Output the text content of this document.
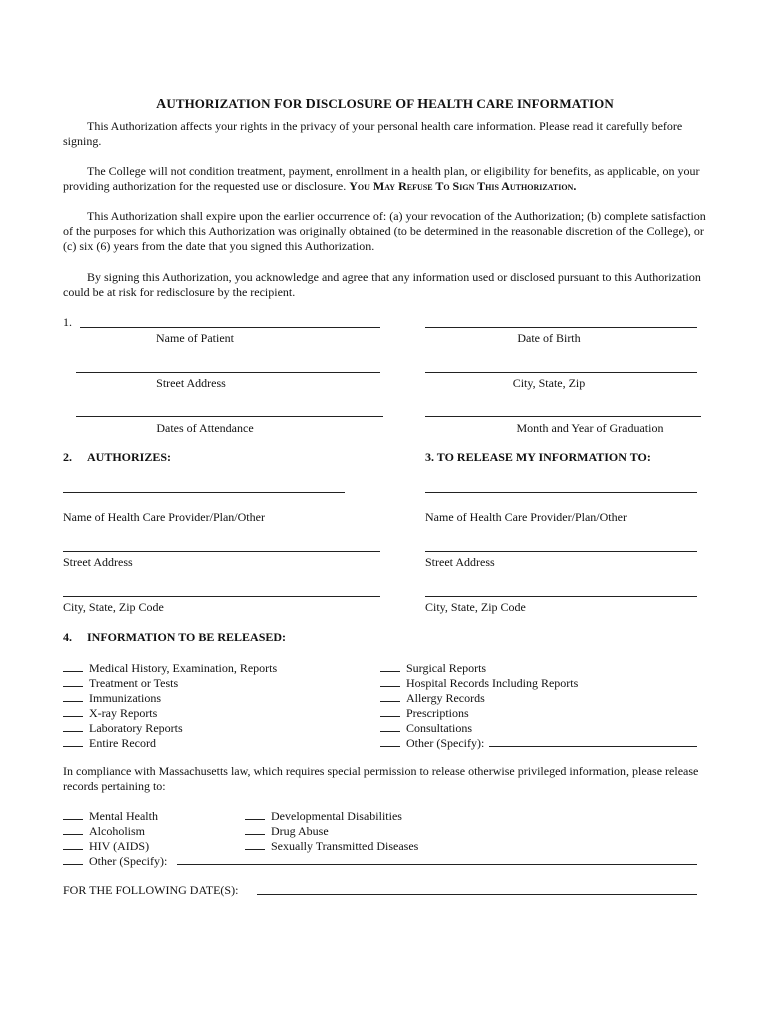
AUTHORIZATION FOR DISCLOSURE OF HEALTH CARE INFORMATION
This Authorization affects your rights in the privacy of your personal health care information. Please read it carefully before signing.
The College will not condition treatment, payment, enrollment in a health plan, or eligibility for benefits, as applicable, on your providing authorization for the requested use or disclosure. You May Refuse To Sign This Authorization.
This Authorization shall expire upon the earlier occurrence of: (a) your revocation of the Authorization; (b) complete satisfaction of the purposes for which this Authorization was originally obtained (to be determined in the reasonable discretion of the College), or (c) six (6) years from the date that you signed this Authorization.
By signing this Authorization, you acknowledge and agree that any information used or disclosed pursuant to this Authorization could be at risk for redisclosure by the recipient.
1.
Name of Patient	Date of Birth
Street Address	City, State, Zip
Dates of Attendance	Month and Year of Graduation
2. AUTHORIZES:	3. TO RELEASE MY INFORMATION TO:
Name of Health Care Provider/Plan/Other
Street Address
City, State, Zip Code
Name of Health Care Provider/Plan/Other
Street Address
City, State, Zip Code
4. INFORMATION TO BE RELEASED:
Medical History, Examination, Reports
Treatment or Tests
Immunizations
X-ray Reports
Laboratory Reports
Entire Record
Surgical Reports
Hospital Records Including Reports
Allergy Records
Prescriptions
Consultations
Other (Specify):
In compliance with Massachusetts law, which requires special permission to release otherwise privileged information, please release records pertaining to:
Mental Health
Alcoholism
HIV (AIDS)
Other (Specify):
Developmental Disabilities
Drug Abuse
Sexually Transmitted Diseases
FOR THE FOLLOWING DATE(S):
